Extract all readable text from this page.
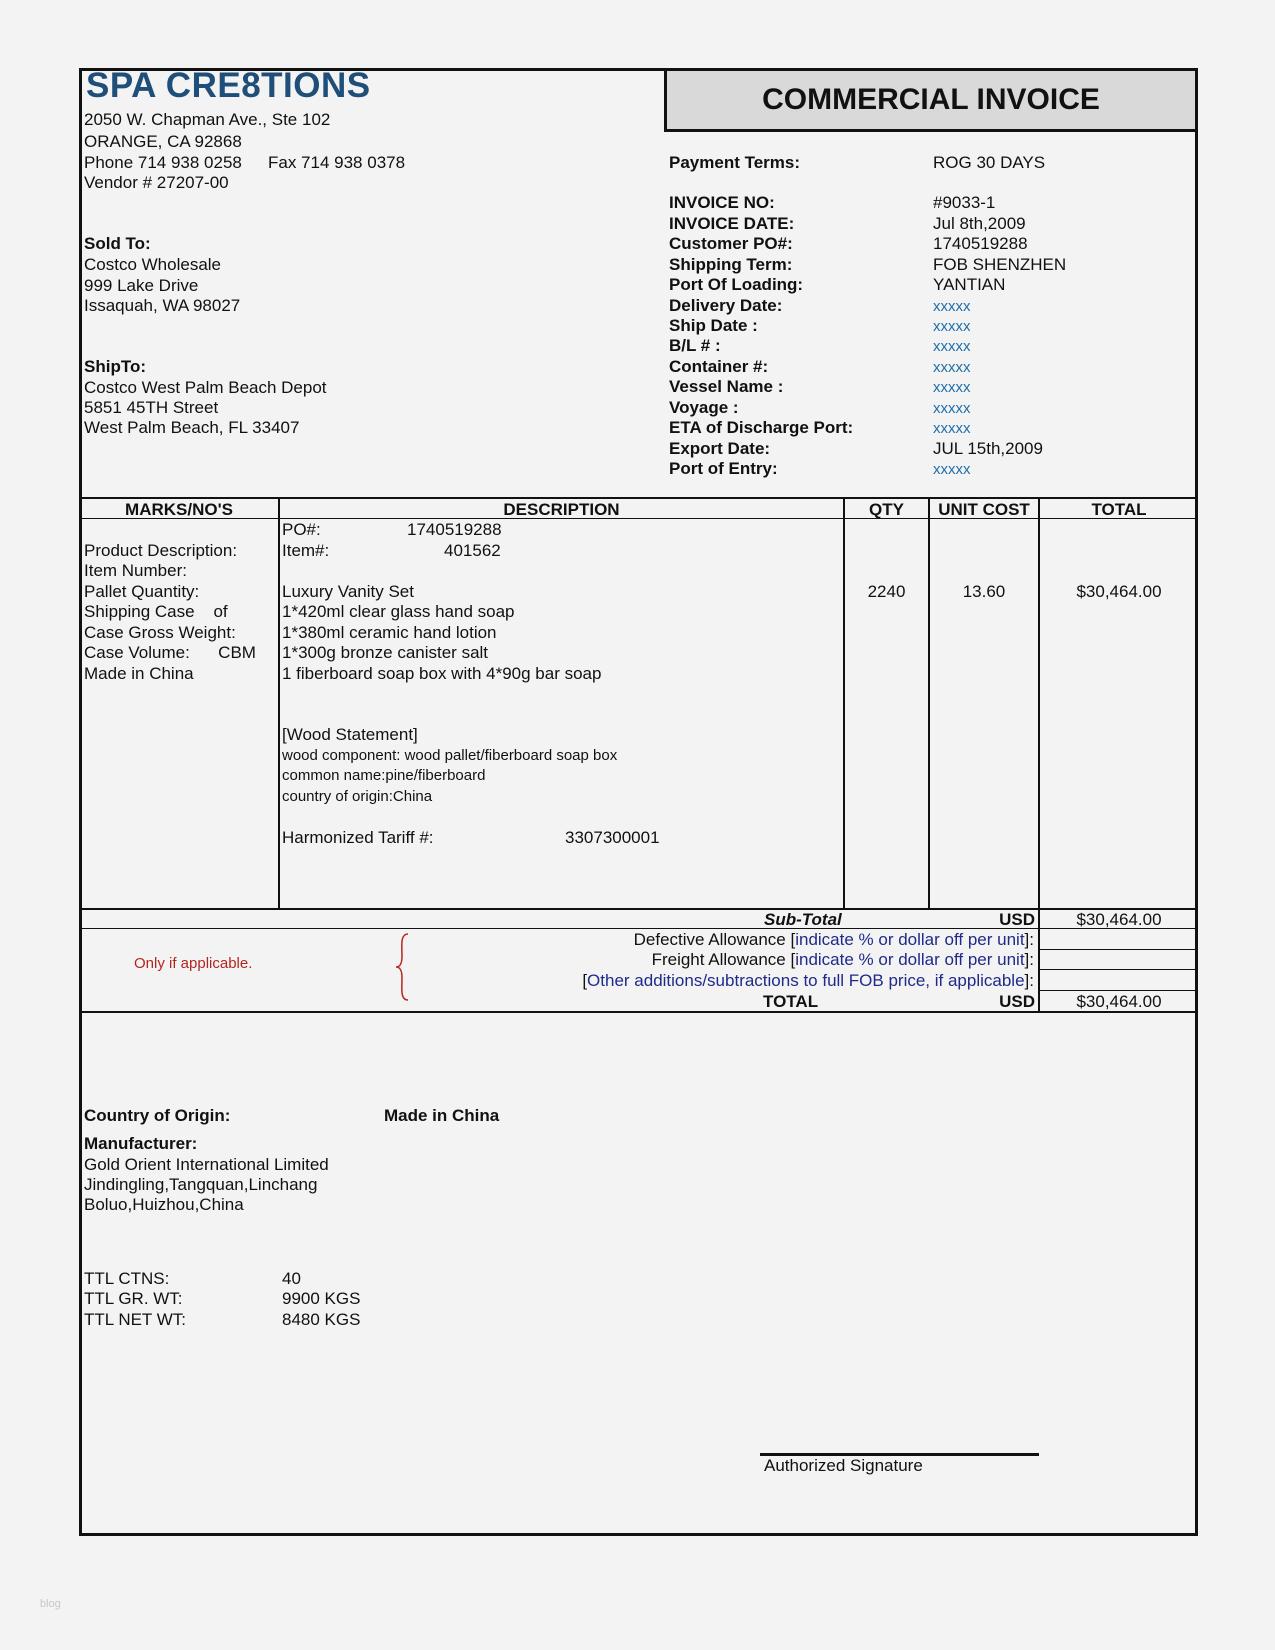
SPA CRE8TIONS
2050 W. Chapman Ave., Ste 102
ORANGE, CA 92868
Phone 714 938 0258 Fax 714 938 0378
Vendor # 27207-00
COMMERCIAL INVOICE
Sold To:
Costco Wholesale
999 Lake Drive
Issaquah, WA 98027
ShipTo:
Costco West Palm Beach Depot
5851 45TH Street
West Palm Beach, FL 33407
Payment Terms:	ROG 30 DAYS
INVOICE NO:	#9033-1
INVOICE DATE:	Jul 8th,2009
Customer PO#:	1740519288
Shipping Term:	FOB SHENZHEN
Port Of Loading:	YANTIAN
Delivery Date:	xxxxx
Ship Date :	xxxxx
B/L # :	xxxxx
Container #:	xxxxx
Vessel Name :	xxxxx
Voyage :	xxxxx
ETA of Discharge Port:	xxxxx
Export Date:	JUL 15th,2009
Port of Entry:	xxxxx
MARKS/NO'S	DESCRIPTION	QTY	UNIT COST	TOTAL
Product Description:
Item Number:
Pallet Quantity:
Shipping Case    of
Case Gross Weight:
Case Volume:      CBM
Made in China
PO#:	1740519288
Item#:	401562
Luxury Vanity Set
1*420ml clear glass hand soap
1*380ml ceramic hand lotion
1*300g bronze canister salt
1 fiberboard soap box with 4*90g bar soap
[Wood Statement]
wood component: wood pallet/fiberboard soap box
common name:pine/fiberboard
country of origin:China
Harmonized Tariff #:	3307300001
2240	13.60	$30,464.00
Sub-Total	USD	$30,464.00
Only if applicable.
Defective Allowance [indicate % or dollar off per unit]:
Freight Allowance [indicate % or dollar off per unit]:
[Other additions/subtractions to full FOB price, if applicable]:
TOTAL	USD	$30,464.00
Country of Origin:	Made in China
Manufacturer:
Gold Orient International Limited
Jindingling,Tangquan,Linchang
Boluo,Huizhou,China
TTL CTNS:	40
TTL GR. WT:	9900 KGS
TTL NET WT:	8480 KGS
Authorized Signature
blog
